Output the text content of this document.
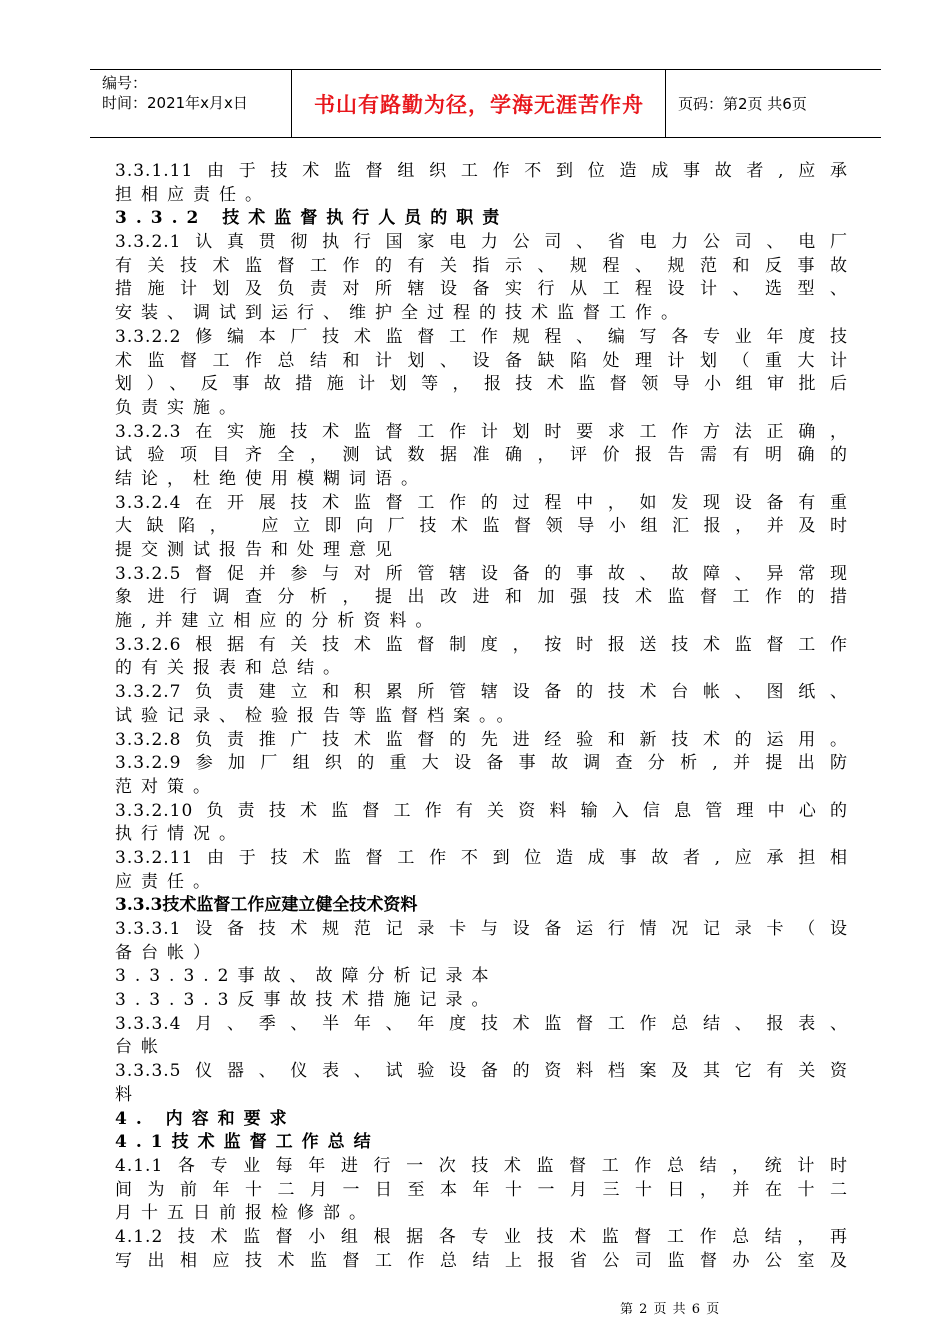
编号：
时间：2021年x月x日	书山有路勤为径，学海无涯苦作舟	页码：第2页 共6页
3.3.1.11由于技术监督组织工作不到位造成事故者,应承
担相应责任。
3.3.2 技术监督执行人员的职责
3.3.2.1认真贯彻执行国家电力公司、省电力公司、电厂
有关技术监督工作的有关指示、规程、规范和反事故
措施计划及负责对所辖设备实行从工程设计、选型、
安装、调试到运行、维护全过程的技术监督工作。
3.3.2.2修编本厂技术监督工作规程、编写各专业年度技
术监督工作总结和计划、设备缺陷处理计划（重大计
划）、反事故措施计划等，报技术监督领导小组审批后
负责实施。
3.3.2.3在实施技术监督工作计划时要求工作方法正确，
试验项目齐全，测试数据准确，评价报告需有明确的
结论，杜绝使用模糊词语。
3.3.2.4在开展技术监督工作的过程中，如发现设备有重
大缺陷， 应立即向厂技术监督领导小组汇报，并及时
提交测试报告和处理意见
3.3.2.5督促并参与对所管辖设备的事故、故障、异常现
象进行调查分析，提出改进和加强技术监督工作的措
施,并建立相应的分析资料。
3.3.2.6根据有关技术监督制度，按时报送技术监督工作
的有关报表和总结。
3.3.2.7负责建立和积累所管辖设备的技术台帐、图纸、
试验记录、检验报告等监督档案。。
3.3.2.8负责推广技术监督的先进经验和新技术的运用。
3.3.2.9参加厂组织的重大设备事故调查分析,并提出防
范对策。
3.3.2.10负责技术监督工作有关资料输入信息管理中心的
执行情况。
3.3.2.11由于技术监督工作不到位造成事故者,应承担相
应责任。
3.3.3技术监督工作应建立健全技术资料
3.3.3.1设备技术规范记录卡与设备运行情况记录卡（设
备台帐）
3.3.3.2事故、故障分析记录本
3.3.3.3反事故技术措施记录。
3.3.3.4月、季、半年、年度技术监督工作总结、报表、
台帐
3.3.3.5仪器、仪表、试验设备的资料档案及其它有关资
料
4. 内容和要求
4.1技术监督工作总结
4.1.1各专业每年进行一次技术监督工作总结，统计时
间为前年十二月一日至本年十一月三十日，并在十二
月十五日前报检修部。
4.1.2技术监督小组根据各专业技术监督工作总结，再
写出相应技术监督工作总结上报省公司监督办公室及
第 2 页 共 6 页
